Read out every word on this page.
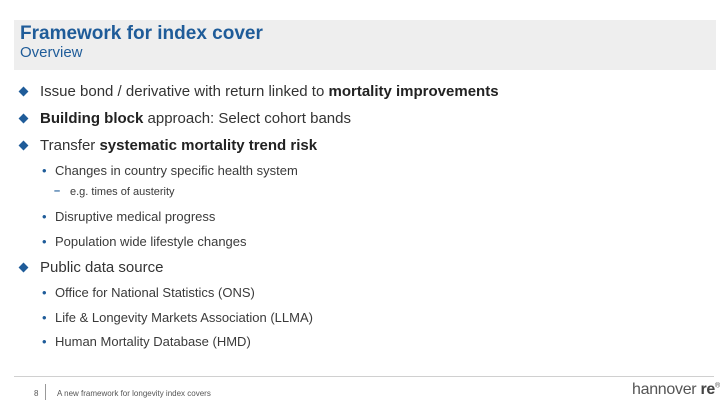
Framework for index cover
Overview
Issue bond / derivative with return linked to mortality improvements
Building block approach: Select cohort bands
Transfer systematic mortality trend risk
• Changes in country specific health system
– e.g. times of austerity
• Disruptive medical progress
• Population wide lifestyle changes
Public data source
• Office for National Statistics (ONS)
• Life & Longevity Markets Association (LLMA)
• Human Mortality Database (HMD)
8 A new framework for longevity index covers	hannover re®
